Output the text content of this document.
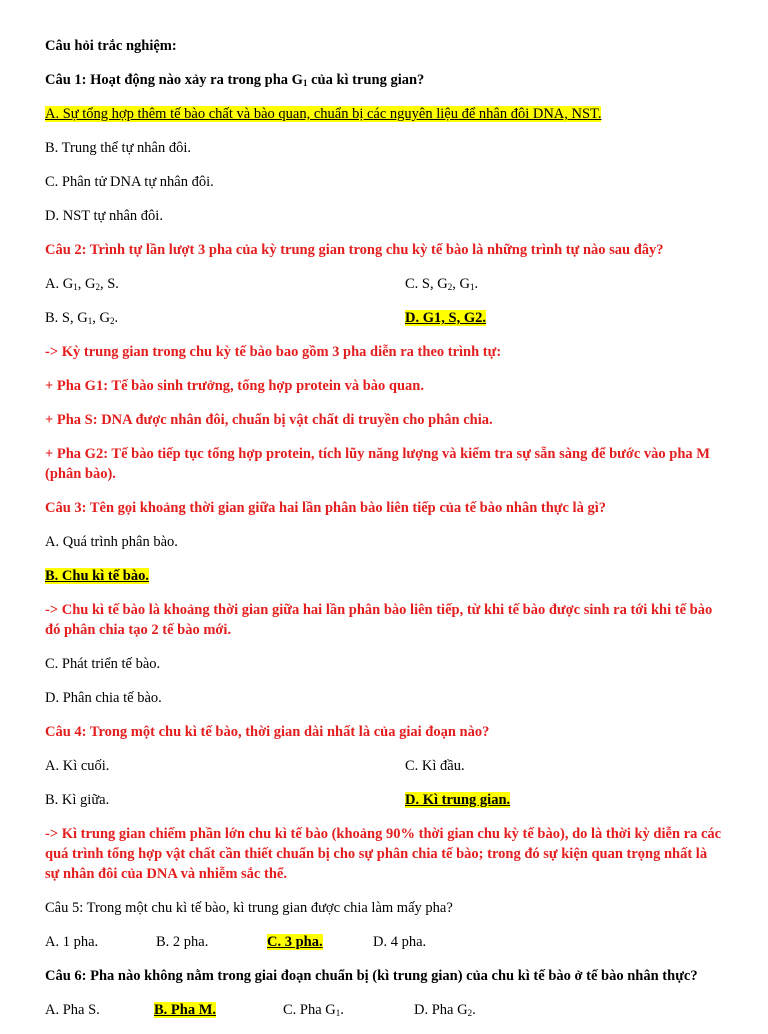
Câu hỏi trắc nghiệm:

Câu 1: Hoạt động nào xảy ra trong pha $G_1$ của kì trung gian?

A. Sự tổng hợp thêm tế bào chất và bào quan, chuẩn bị các nguyên liệu để nhân đôi DNA, NST.

B. Trung thể tự nhân đôi.

C. Phân tử DNA tự nhân đôi.

D. NST tự nhân đôi.

Câu 2: Trình tự lần lượt 3 pha của kỳ trung gian trong chu kỳ tế bào là những trình tự nào sau đây?

A. $G_1$, $G_2$, S.	C. S, $G_2$, $G_1$.
B. S, $G_1$, $G_2$.	D. G1, S, G2.

-> Kỳ trung gian trong chu kỳ tế bào bao gồm 3 pha diễn ra theo trình tự:

+ Pha G1: Tế bào sinh trưởng, tổng hợp protein và bào quan.

+ Pha S: DNA được nhân đôi, chuẩn bị vật chất di truyền cho phân chia.

+ Pha G2: Tế bào tiếp tục tổng hợp protein, tích lũy năng lượng và kiểm tra sự sẵn sàng để bước vào pha M (phân bào).

Câu 3: Tên gọi khoảng thời gian giữa hai lần phân bào liên tiếp của tế bào nhân thực là gì?

A. Quá trình phân bào.

B. Chu kì tế bào.

-> Chu kì tế bào là khoảng thời gian giữa hai lần phân bào liên tiếp, từ khi tế bào được sinh ra tới khi tế bào đó phân chia tạo 2 tế bào mới.

C. Phát triển tế bào.

D. Phân chia tế bào.

Câu 4: Trong một chu kì tế bào, thời gian dài nhất là của giai đoạn nào?

A. Kì cuối.	C. Kì đầu.
B. Kì giữa.	D. Kì trung gian.

-> Kì trung gian chiếm phần lớn chu kì tế bào (khoảng 90% thời gian chu kỳ tế bào), do là thời kỳ diễn ra các quá trình tổng hợp vật chất cần thiết chuẩn bị cho sự phân chia tế bào; trong đó sự kiện quan trọng nhất là sự nhân đôi của DNA và nhiễm sắc thể.

Câu 5: Trong một chu kì tế bào, kì trung gian được chia làm mấy pha?

A. 1 pha.	B. 2 pha.	C. 3 pha.	D. 4 pha.

Câu 6: Pha nào không nằm trong giai đoạn chuẩn bị (kì trung gian) của chu kì tế bào ở tế bào nhân thực?

A. Pha S.	B. Pha M.	C. Pha $G_1$.	D. Pha $G_2$.
